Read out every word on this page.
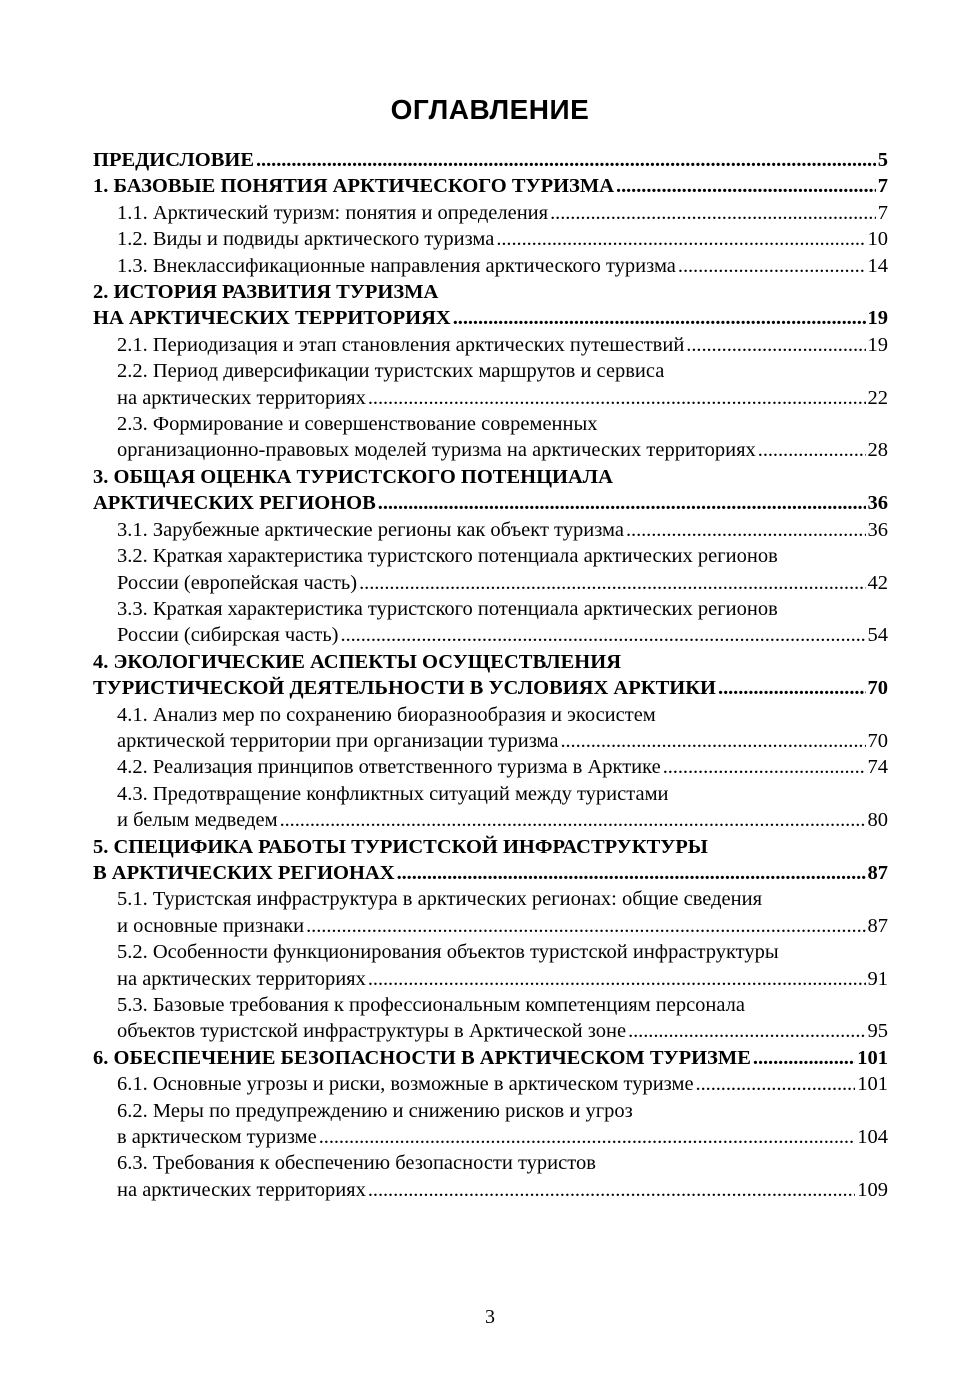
ОГЛАВЛЕНИЕ
ПРЕДИСЛОВИЕ . . .	5
1. БАЗОВЫЕ ПОНЯТИЯ АРКТИЧЕСКОГО ТУРИЗМА . . .	7
1.1. Арктический туризм: понятия и определения . . .	7
1.2. Виды и подвиды арктического туризма . . .	10
1.3. Внеклассификационные направления арктического туризма . . .	14
2. ИСТОРИЯ РАЗВИТИЯ ТУРИЗМА
НА АРКТИЧЕСКИХ ТЕРРИТОРИЯХ . . .	19
2.1. Периодизация и этап становления арктических путешествий . . .	19
2.2. Период диверсификации туристских маршрутов и сервиса
на арктических территориях . . .	22
2.3. Формирование и совершенствование современных
организационно-правовых моделей туризма на арктических территориях . . .	28
3. ОБЩАЯ ОЦЕНКА ТУРИСТСКОГО ПОТЕНЦИАЛА
АРКТИЧЕСКИХ РЕГИОНОВ . . .	36
3.1. Зарубежные арктические регионы как объект туризма . . .	36
3.2. Краткая характеристика туристского потенциала арктических регионов
России (европейская часть) . . .	42
3.3. Краткая характеристика туристского потенциала арктических регионов
России (сибирская часть) . . .	54
4. ЭКОЛОГИЧЕСКИЕ АСПЕКТЫ ОСУЩЕСТВЛЕНИЯ
ТУРИСТИЧЕСКОЙ ДЕЯТЕЛЬНОСТИ В УСЛОВИЯХ АРКТИКИ . . .	70
4.1. Анализ мер по сохранению биоразнообразия и экосистем
арктической территории при организации туризма . . .	70
4.2. Реализация принципов ответственного туризма в Арктике . . .	74
4.3. Предотвращение конфликтных ситуаций между туристами
и белым медведем . . .	80
5. СПЕЦИФИКА РАБОТЫ ТУРИСТСКОЙ ИНФРАСТРУКТУРЫ
В АРКТИЧЕСКИХ РЕГИОНАХ . . .	87
5.1. Туристская инфраструктура в арктических регионах: общие сведения
и основные признаки . . .	87
5.2. Особенности функционирования объектов туристской инфраструктуры
на арктических территориях . . .	91
5.3. Базовые требования к профессиональным компетенциям персонала
объектов туристской инфраструктуры в Арктической зоне . . .	95
6. ОБЕСПЕЧЕНИЕ БЕЗОПАСНОСТИ В АРКТИЧЕСКОМ ТУРИЗМЕ . . .	101
6.1. Основные угрозы и риски, возможные в арктическом туризме . . .	101
6.2. Меры по предупреждению и снижению рисков и угроз
в арктическом туризме . . .	104
6.3. Требования к обеспечению безопасности туристов
на арктических территориях . . .	109
3
